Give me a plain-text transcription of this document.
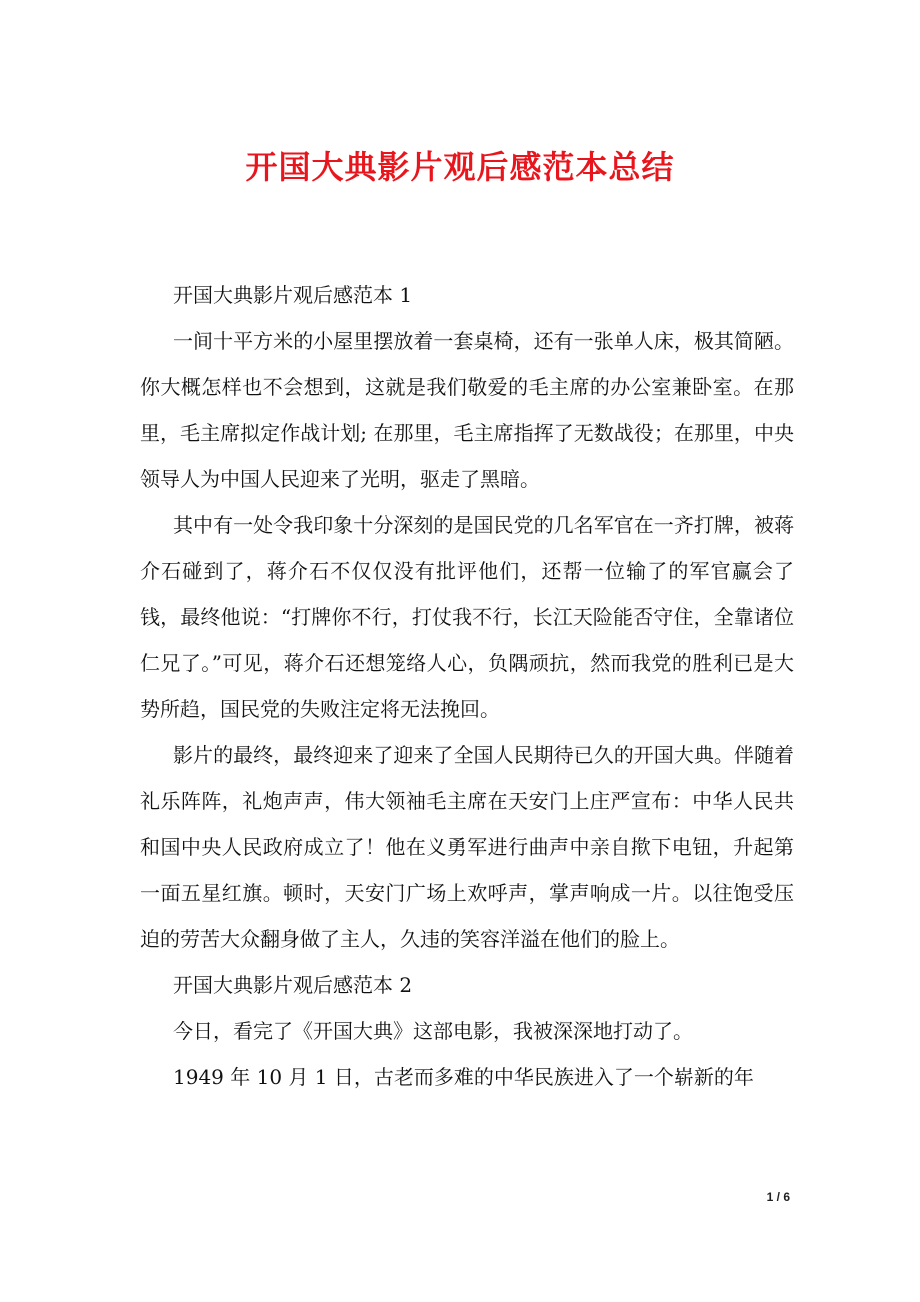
开国大典影片观后感范本总结

开国大典影片观后感范本 1

一间十平方米的小屋里摆放着一套桌椅，还有一张单人床，极其简陋。你大概怎样也不会想到，这就是我们敬爱的毛主席的办公室兼卧室。在那里，毛主席拟定作战计划; 在那里，毛主席指挥了无数战役；在那里，中央领导人为中国人民迎来了光明，驱走了黑暗。

其中有一处令我印象十分深刻的是国民党的几名军官在一齐打牌，被蒋介石碰到了，蒋介石不仅仅没有批评他们，还帮一位输了的军官赢会了钱，最终他说：“打牌你不行，打仗我不行，长江天险能否守住，全靠诸位仁兄了。”可见，蒋介石还想笼络人心，负隅顽抗，然而我党的胜利已是大势所趋，国民党的失败注定将无法挽回。

影片的最终，最终迎来了迎来了全国人民期待已久的开国大典。伴随着礼乐阵阵，礼炮声声，伟大领袖毛主席在天安门上庄严宣布：中华人民共和国中央人民政府成立了！他在义勇军进行曲声中亲自揿下电钮，升起第一面五星红旗。顿时，天安门广场上欢呼声，掌声响成一片。以往饱受压迫的劳苦大众翻身做了主人，久违的笑容洋溢在他们的脸上。

开国大典影片观后感范本 2

今日，看完了《开国大典》这部电影，我被深深地打动了。

1949 年 10 月 1 日，古老而多难的中华民族进入了一个崭新的年

1 / 6
